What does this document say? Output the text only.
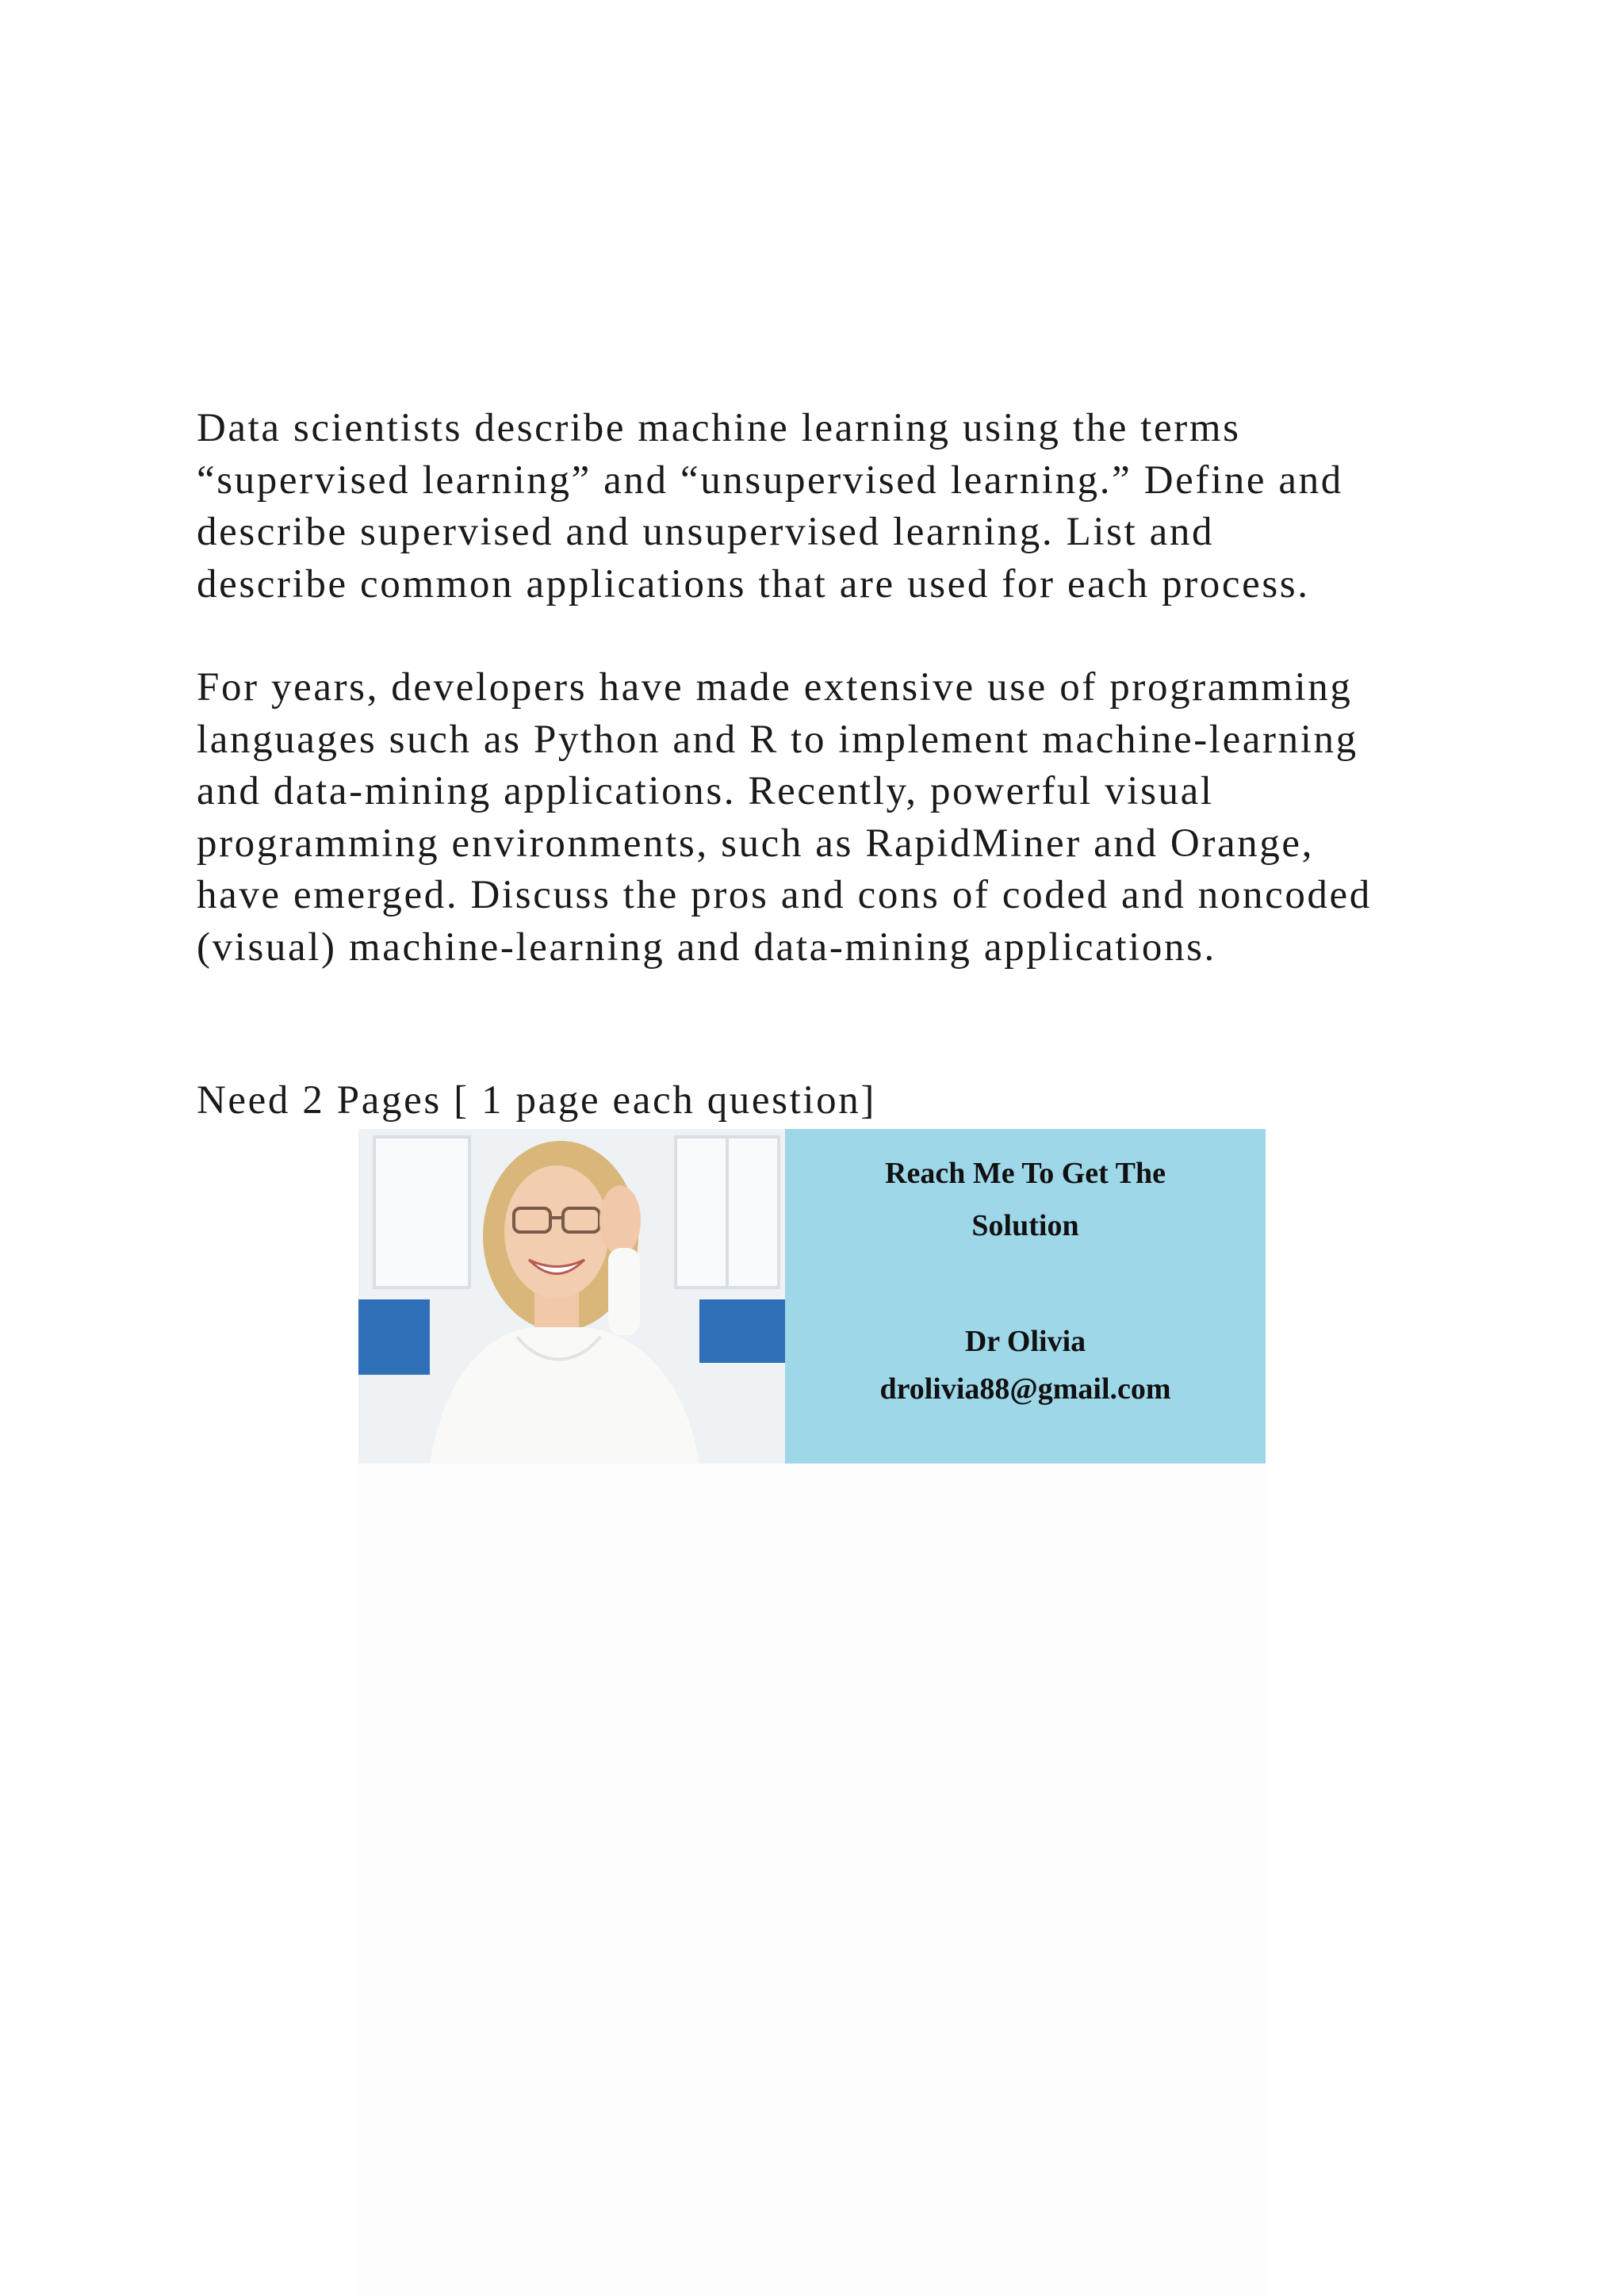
Data scientists describe machine learning using the terms
“supervised learning” and “unsupervised learning.” Define and
describe supervised and unsupervised learning. List and
describe common applications that are used for each process.

For years, developers have made extensive use of programming
languages such as Python and R to implement machine-learning
and data-mining applications. Recently, powerful visual
programming environments, such as RapidMiner and Orange,
have emerged. Discuss the pros and cons of coded and noncoded
(visual) machine-learning and data-mining applications.

Reach Me To Get The
Solution
Dr Olivia
drolivia88@gmail.com

Need 2 Pages [ 1 page each question]
